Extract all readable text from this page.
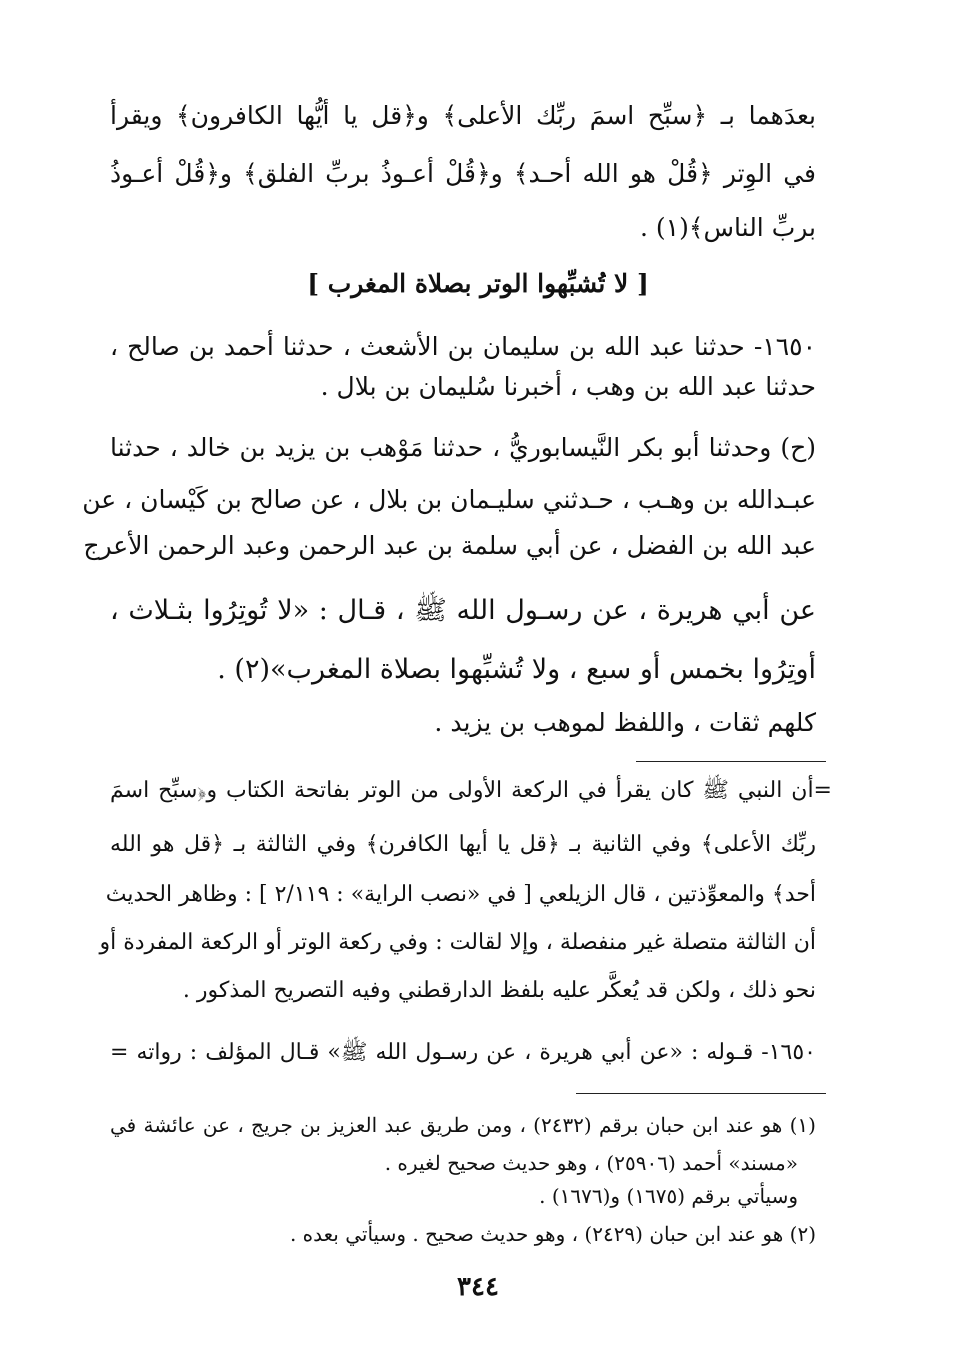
بعدَهما بـ ﴿سبِّح اسمَ ربِّك الأعلى﴾ و﴿قل يا أيُّها الكافرون﴾ ويقرأ
في الوِتر ﴿قُلْ هو الله أحـد﴾ و﴿قُلْ أعـوذُ بربِّ الفلق﴾ و﴿قُلْ أعـوذُ
بربِّ الناس﴾(١) .
[ لا تُشبِّهوا الوتر بصلاة المغرب ]
١٦٥٠- حدثنا عبد الله بن سليمان بن الأشعث ، حدثنا أحمد بن صالح ،
حدثنا عبد الله بن وهب ، أخبرنا سُليمان بن بلال .
(ح) وحدثنا أبو بكر النَّيسابوريُّ ، حدثنا مَوْهب بن يزيد بن خالد ، حدثنا
عبـدالله بن وهـب ، حـدثني سليـمان بن بلال ، عن صالح بن كَيْسان ، عن
عبد الله بن الفضل ، عن أبي سلمة بن عبد الرحمن وعبد الرحمن الأعرج
عن أبي هريرة ، عن رسـول الله ﷺ ، قـال : «لا تُوتِرُوا بثـلاث ،
أوتِرُوا بخمس أو سبع ، ولا تُشبِّهوا بصلاة المغرب»(٢) .
كلهم ثقات ، واللفظ لموهب بن يزيد .
=أن النبي ﷺ كان يقرأ في الركعة الأولى من الوتر بفاتحة الكتاب و﴿سبِّح اسمَ
ربِّك الأعلى﴾ وفي الثانية بـ ﴿قل يا أيها الكافرن﴾ وفي الثالثة بـ ﴿قل هو الله
أحد﴾ والمعوِّذتين ، قال الزيلعي [ في «نصب الراية» : ٢/١١٩ ] : وظاهر الحديث
أن الثالثة متصلة غير منفصلة ، وإلا لقالت : وفي ركعة الوتر أو الركعة المفردة أو
نحو ذلك ، ولكن قد يُعكَّر عليه بلفظ الدارقطني وفيه التصريح المذكور .
١٦٥٠- قـوله : «عن أبي هريرة ، عن رسـول الله ﷺ» قـال المؤلف : رواته =
(١) هو عند ابن حبان برقم (٢٤٣٢) ، ومن طريق عبد العزيز بن جريج ، عن عائشة في
«مسند» أحمد (٢٥٩٠٦) ، وهو حديث صحيح لغيره .
وسيأتي برقم (١٦٧٥) و(١٦٧٦) .
(٢) هو عند ابن حبان (٢٤٢٩) ، وهو حديث صحيح . وسيأتي بعده .
٣٤٤
